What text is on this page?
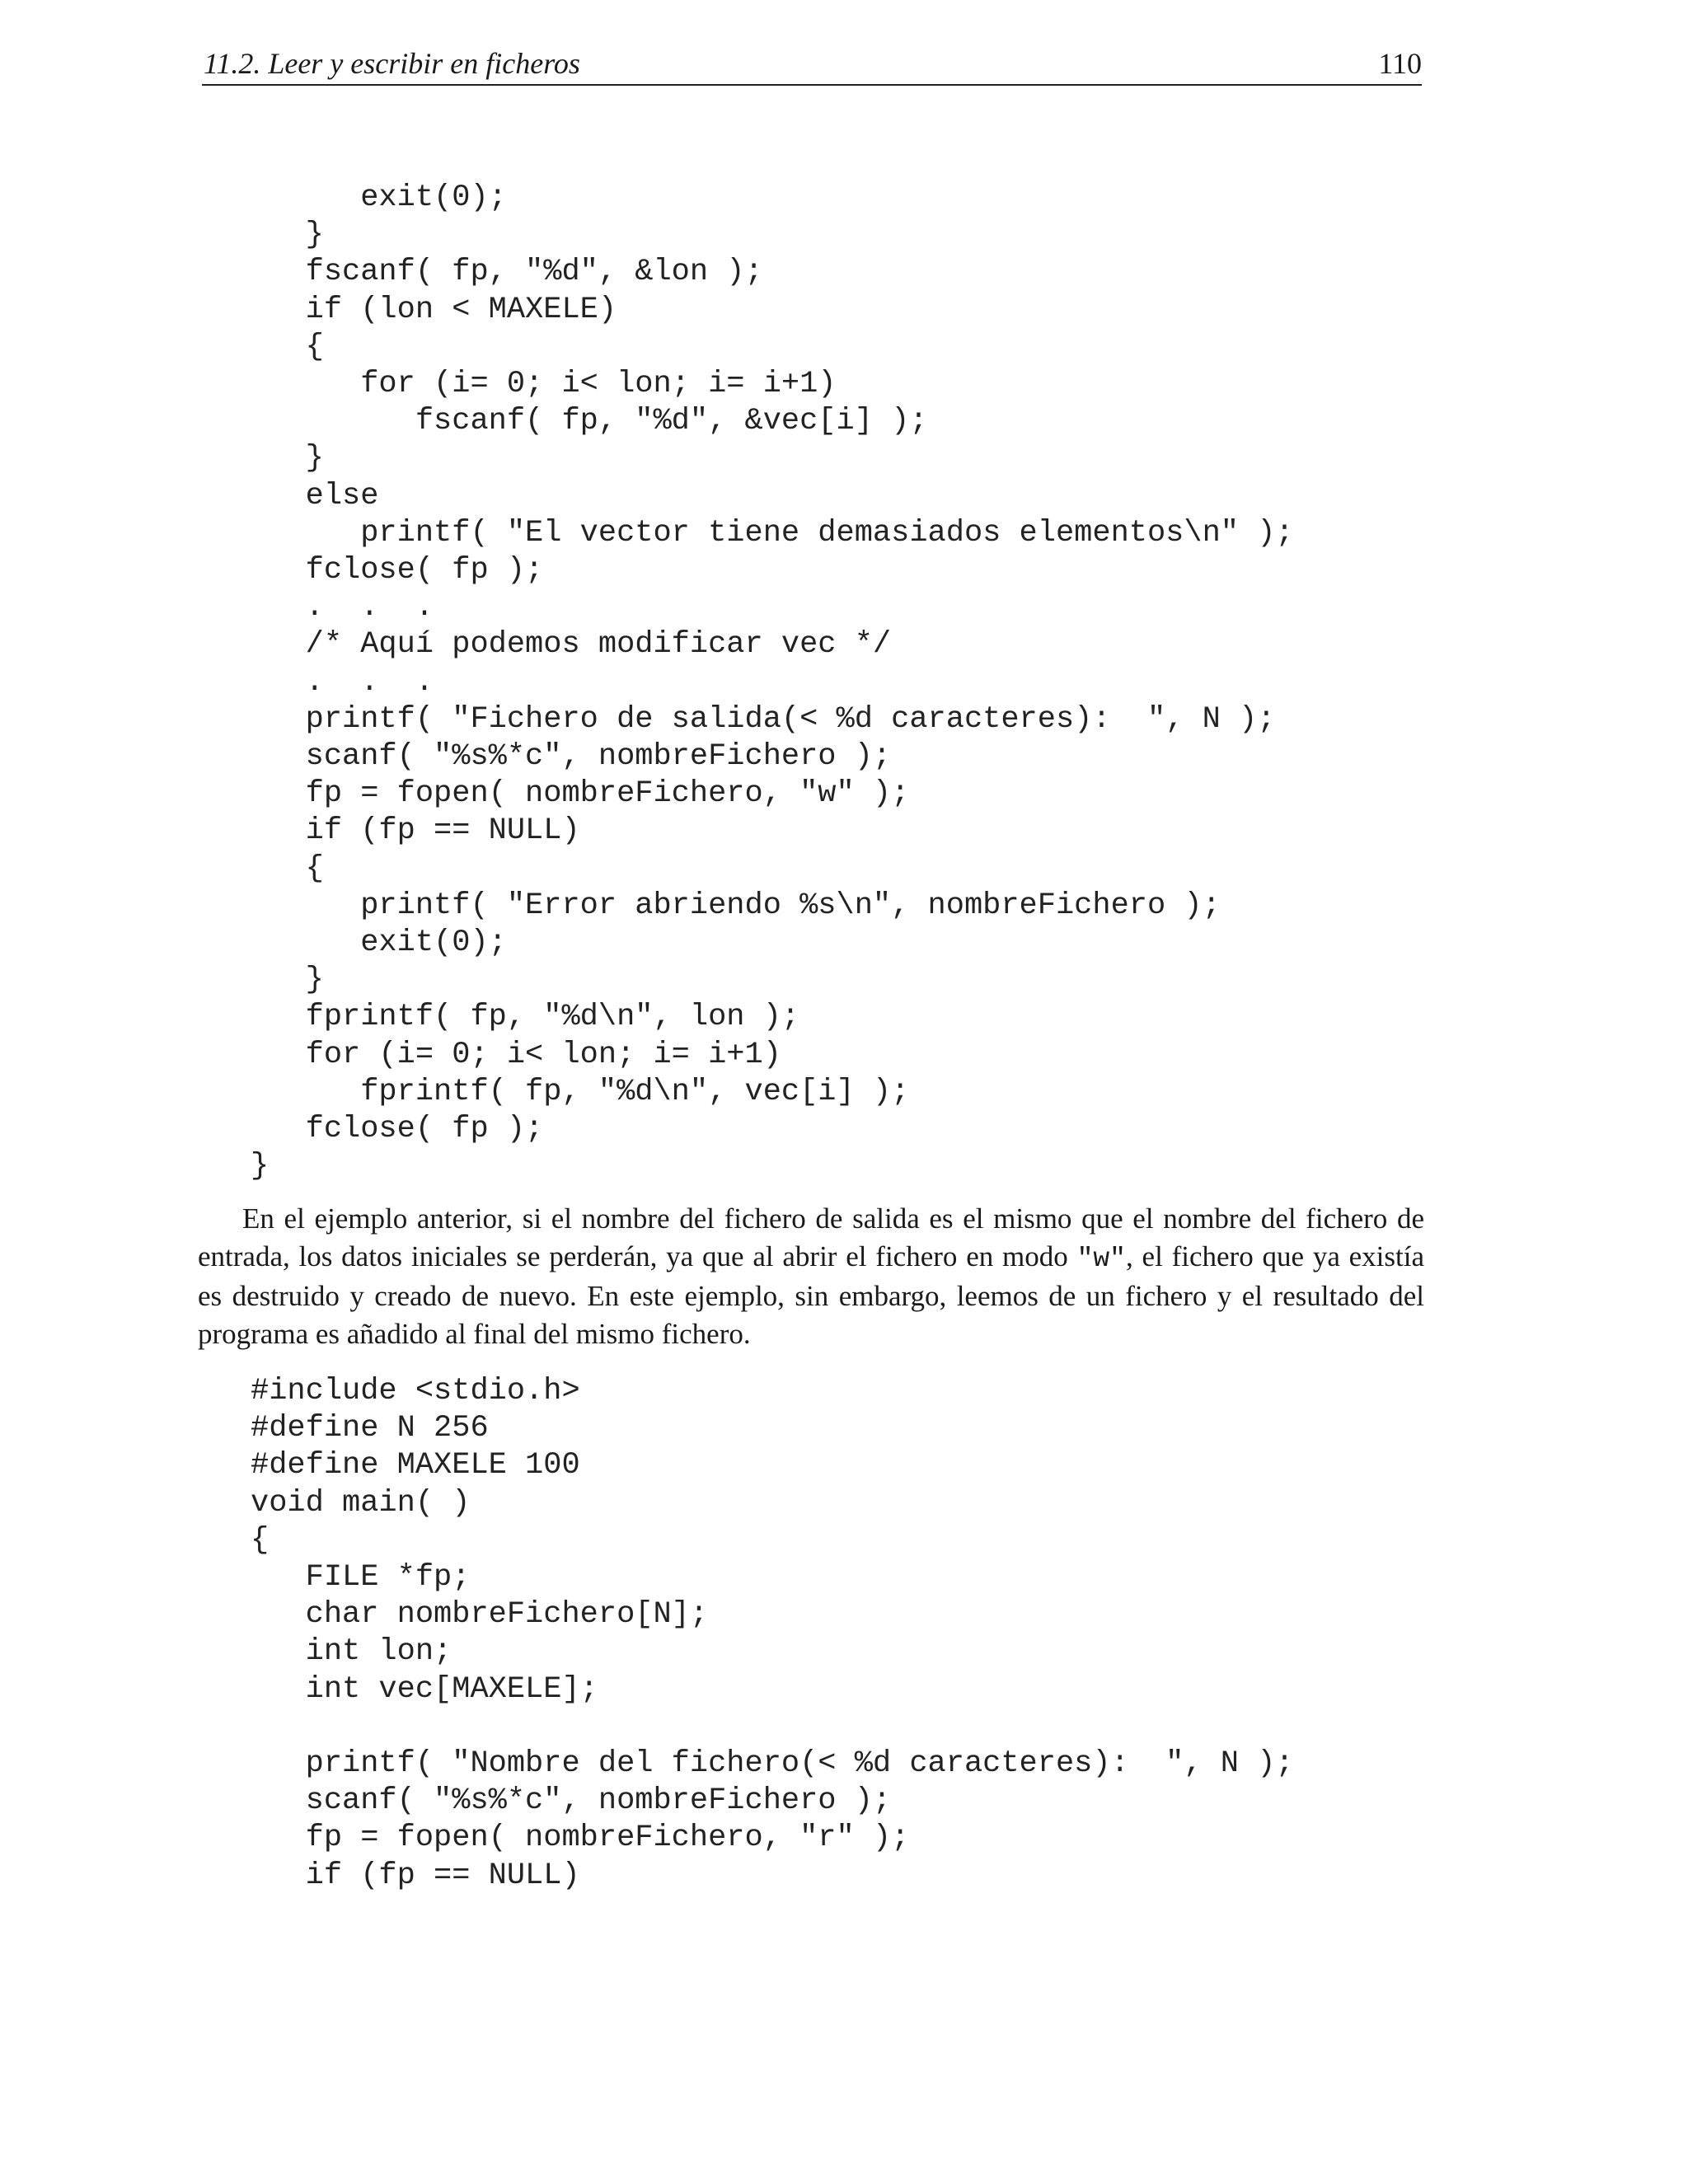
11.2. Leer y escribir en ficheros	110
exit(0);
}
fscanf( fp, "%d", &lon );
if (lon < MAXELE)
{
for (i= 0; i< lon; i= i+1)
fscanf( fp, "%d", &vec[i] );
}
else
printf( "El vector tiene demasiados elementos\n" );
fclose( fp );
.  .  .
/* Aquí podemos modificar vec */
.  .  .
printf( "Fichero de salida(< %d caracteres):  ", N );
scanf( "%s%*c", nombreFichero );
fp = fopen( nombreFichero, "w" );
if (fp == NULL)
{
printf( "Error abriendo %s\n", nombreFichero );
exit(0);
}
fprintf( fp, "%d\n", lon );
for (i= 0; i< lon; i= i+1)
fprintf( fp, "%d\n", vec[i] );
fclose( fp );
}
En el ejemplo anterior, si el nombre del fichero de salida es el mismo que el nombre del fichero de
entrada, los datos iniciales se perderán, ya que al abrir el fichero en modo "w", el fichero que ya existía
es destruido y creado de nuevo. En este ejemplo, sin embargo, leemos de un fichero y el resultado del
programa es añadido al final del mismo fichero.
#include <stdio.h>
#define N 256
#define MAXELE 100
void main( )
{
FILE *fp;
char nombreFichero[N];
int lon;
int vec[MAXELE];

printf( "Nombre del fichero(< %d caracteres):  ", N );
scanf( "%s%*c", nombreFichero );
fp = fopen( nombreFichero, "r" );
if (fp == NULL)
